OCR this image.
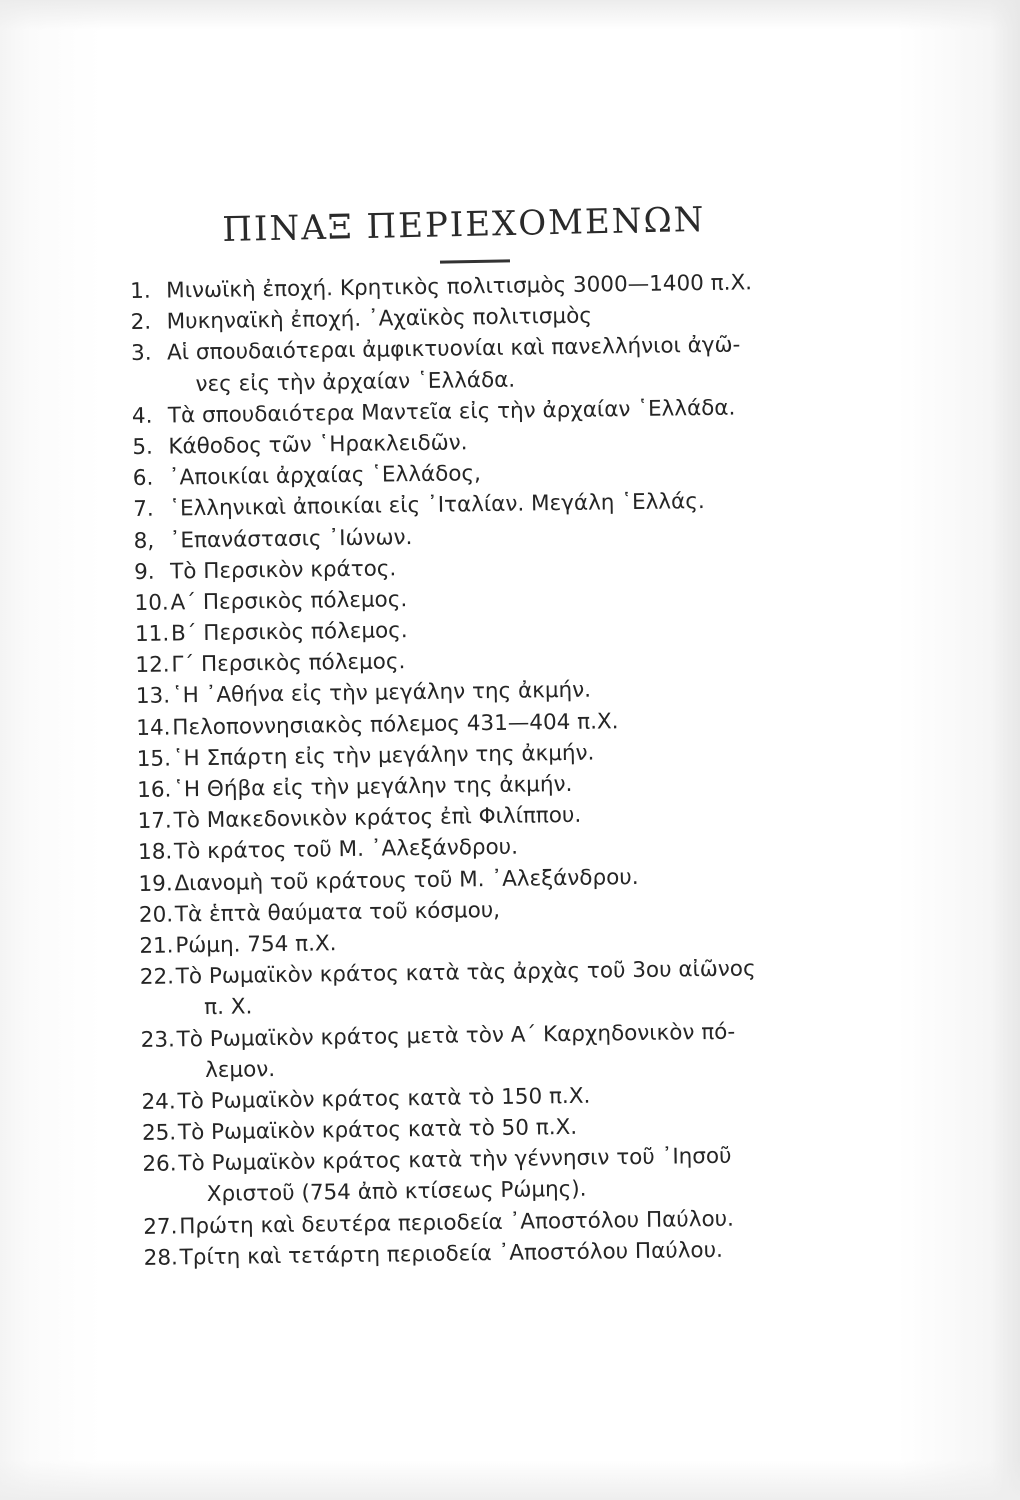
ΠΙΝΑΞ ΠΕΡΙΕΧΟΜΕΝΩΝ
1. Μινωϊκὴ ἐποχή. Κρητικὸς πολιτισμὸς 3000—1400 π.Χ.
2. Μυκηναϊκὴ ἐποχή. ᾿Αχαϊκὸς πολιτισμὸς
3. Αἱ σπουδαιότεραι ἀμφικτυονίαι καὶ πανελλήνιοι ἀγῶ-
νες εἰς τὴν ἀρχαίαν ῾Ελλάδα.
4. Τὰ σπουδαιότερα Μαντεῖα εἰς τὴν ἀρχαίαν ῾Ελλάδα.
5. Κάθοδος τῶν ῾Ηρακλειδῶν.
6. ᾿Αποικίαι ἀρχαίας ῾Ελλάδος,
7. ῾Ελληνικαὶ ἀποικίαι εἰς ᾿Ιταλίαν. Μεγάλη ῾Ελλάς.
8, ᾿Επανάστασις ᾿Ιώνων.
9. Τὸ Περσικὸν κράτος.
10. Α΄ Περσικὸς πόλεμος.
11. Β΄ Περσικὸς πόλεμος.
12. Γ΄ Περσικὸς πόλεμος.
13. ῾Η ᾿Αθήνα εἰς τὴν μεγάλην της ἀκμήν.
14. Πελοποννησιακὸς πόλεμος 431—404 π.Χ.
15. ῾Η Σπάρτη εἰς τὴν μεγάλην της ἀκμήν.
16. ῾Η Θήβα εἰς τὴν μεγάλην της ἀκμήν.
17. Τὸ Μακεδονικὸν κράτος ἐπὶ Φιλίππου.
18. Τὸ κράτος τοῦ Μ. ᾿Αλεξάνδρου.
19. Διανομὴ τοῦ κράτους τοῦ Μ. ᾿Αλεξάνδρου.
20. Τὰ ἑπτὰ θαύματα τοῦ κόσμου,
21. Ρώμη. 754 π.Χ.
22. Τὸ Ρωμαϊκὸν κράτος κατὰ τὰς ἀρχὰς τοῦ 3ου αἰῶνος
π. Χ.
23. Τὸ Ρωμαϊκὸν κράτος μετὰ τὸν Α΄ Καρχηδονικὸν πό-
λεμον.
24. Τὸ Ρωμαϊκὸν κράτος κατὰ τὸ 150 π.Χ.
25. Τὸ Ρωμαϊκὸν κράτος κατὰ τὸ 50 π.Χ.
26. Τὸ Ρωμαϊκὸν κράτος κατὰ τὴν γέννησιν τοῦ ᾿Ιησοῦ
Χριστοῦ (754 ἀπὸ κτίσεως Ρώμης).
27. Πρώτη καὶ δευτέρα περιοδεία ᾿Αποστόλου Παύλου.
28. Τρίτη καὶ τετάρτη περιοδεία ᾿Αποστόλου Παύλου.
